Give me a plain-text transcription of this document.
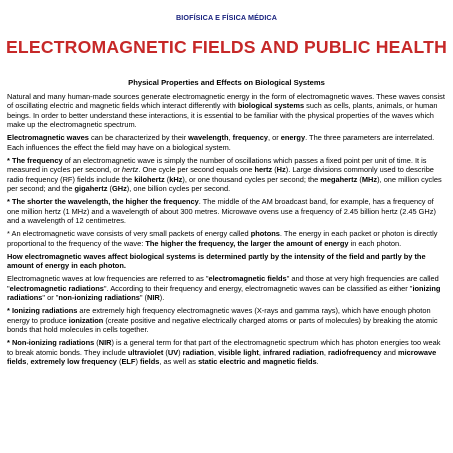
BIOFÍSICA E FÍSICA MÉDICA
ELECTROMAGNETIC FIELDS AND PUBLIC HEALTH
Physical Properties and Effects on Biological Systems

Natural and many human-made sources generate electromagnetic energy in the form of electromagnetic waves. These waves consist of oscillating electric and magnetic fields which interact differently with biological systems such as cells, plants, animals, or human beings. In order to better understand these interactions, it is essential to be familiar with the physical properties of the waves which make up the electromagnetic spectrum.

Electromagnetic waves can be characterized by their wavelength, frequency, or energy. The three parameters are interrelated. Each influences the effect the field may have on a biological system.

* The frequency of an electromagnetic wave is simply the number of oscillations which passes a fixed point per unit of time. It is measured in cycles per second, or hertz. One cycle per second equals one hertz (Hz). Large divisions commonly used to describe radio frequency (RF) fields include the kilohertz (kHz), or one thousand cycles per second; the megahertz (MHz), one million cycles per second; and the gigahertz (GHz), one billion cycles per second.

* The shorter the wavelength, the higher the frequency. The middle of the AM broadcast band, for example, has a frequency of one million hertz (1 MHz) and a wavelength of about 300 metres. Microwave ovens use a frequency of 2.45 billion hertz (2.45 GHz) and a wavelength of 12 centimetres.

* An electromagnetic wave consists of very small packets of energy called photons. The energy in each packet or photon is directly proportional to the frequency of the wave: The higher the frequency, the larger the amount of energy in each photon.

How electromagnetic waves affect biological systems is determined partly by the intensity of the field and partly by the amount of energy in each photon.

Electromagnetic waves at low frequencies are referred to as "electromagnetic fields" and those at very high frequencies are called "electromagnetic radiations". According to their frequency and energy, electromagnetic waves can be classified as either "ionizing radiations" or "non-ionizing radiations" (NIR).

* Ionizing radiations are extremely high frequency electromagnetic waves (X-rays and gamma rays), which have enough photon energy to produce ionization (create positive and negative electrically charged atoms or parts of molecules) by breaking the atomic bonds that hold molecules in cells together.

* Non-ionizing radiations (NIR) is a general term for that part of the electromagnetic spectrum which has photon energies too weak to break atomic bonds. They include ultraviolet (UV) radiation, visible light, infrared radiation, radiofrequency and microwave fields, extremely low frequency (ELF) fields, as well as static electric and magnetic fields.
